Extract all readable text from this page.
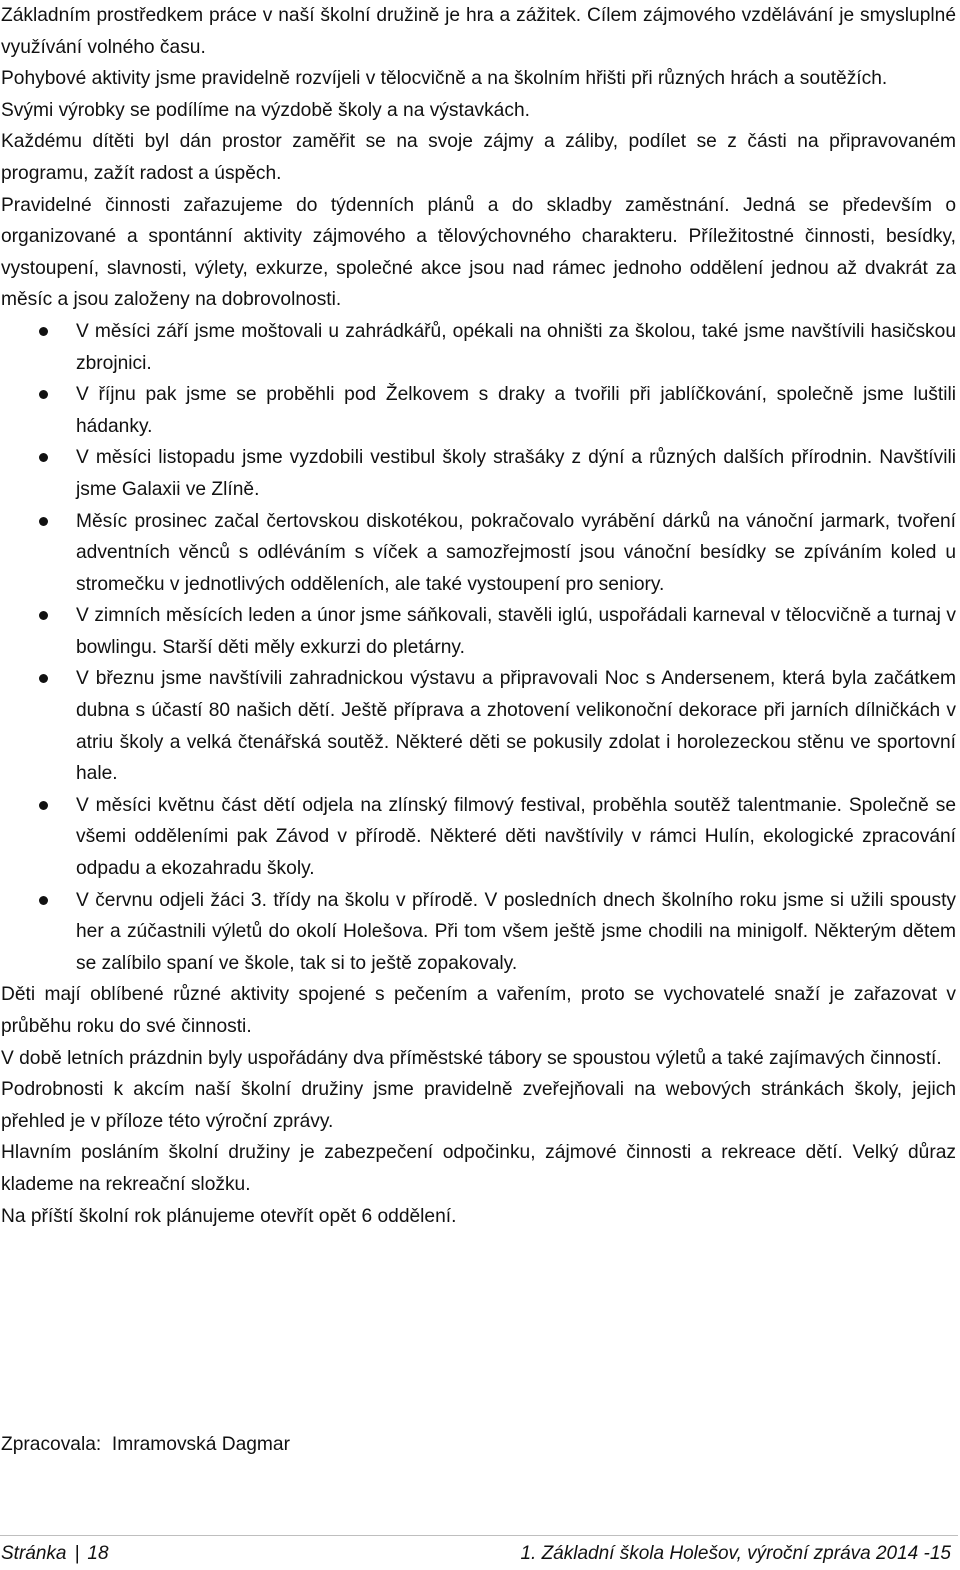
Základním prostředkem práce v naší školní družině je hra a zážitek. Cílem zájmového vzdělávání je smysluplné využívání volného času.

Pohybové aktivity jsme pravidelně rozvíjeli v tělocvičně a na školním hřišti při různých hrách a soutěžích.

Svými výrobky se podílíme na výzdobě školy a na výstavkách.

Každému dítěti byl dán prostor zaměřit se na svoje zájmy a záliby, podílet se z části na připravovaném programu, zažít radost a úspěch.

Pravidelné činnosti zařazujeme do týdenních plánů a do skladby zaměstnání. Jedná se především o organizované a spontánní aktivity zájmového a tělovýchovného charakteru. Příležitostné činnosti, besídky, vystoupení, slavnosti, výlety, exkurze, společné akce jsou nad rámec jednoho oddělení jednou až dvakrát za měsíc a jsou založeny na dobrovolnosti.

V měsíci září jsme moštovali u zahrádkářů, opékali na ohništi za školou, také jsme navštívili hasičskou zbrojnici.
V říjnu pak jsme se proběhli pod Želkovem s draky a tvořili při jablíčkování, společně jsme luštili hádanky.
V měsíci listopadu jsme vyzdobili vestibul školy strašáky z dýní a různých dalších přírodnin. Navštívili jsme Galaxii ve Zlíně.
Měsíc prosinec začal čertovskou diskotékou, pokračovalo vyrábění dárků na vánoční jarmark, tvoření adventních věnců s odléváním s víček a samozřejmostí jsou vánoční besídky se zpíváním koled u stromečku v jednotlivých odděleních, ale také vystoupení pro seniory.
V zimních měsících leden a únor jsme sáňkovali, stavěli iglú, uspořádali karneval v tělocvičně a turnaj v bowlingu. Starší děti měly exkurzi do pletárny.
V březnu jsme navštívili zahradnickou výstavu a připravovali Noc s Andersenem, která byla začátkem dubna s účastí 80 našich dětí. Ještě příprava a zhotovení velikonoční dekorace při jarních dílničkách v atriu školy a velká čtenářská soutěž. Některé děti se pokusily zdolat i horolezeckou stěnu ve sportovní hale.
V měsíci květnu část dětí odjela na zlínský filmový festival, proběhla soutěž talentmanie. Společně se všemi odděleními pak Závod v přírodě. Některé děti navštívily v rámci Hulín, ekologické zpracování odpadu a ekozahradu školy.
V červnu odjeli žáci 3. třídy na školu v přírodě. V posledních dnech školního roku jsme si užili spousty her a zúčastnili výletů do okolí Holešova. Při tom všem ještě jsme chodili na minigolf. Některým dětem se zalíbilo spaní ve škole, tak si to ještě zopakovaly.

Děti mají oblíbené různé aktivity spojené s pečením a vařením, proto se vychovatelé snaží je zařazovat v průběhu roku do své činnosti.

V době letních prázdnin byly uspořádány dva příměstské tábory se spoustou výletů a také zajímavých činností.

Podrobnosti k akcím naší školní družiny jsme pravidelně zveřejňovali na webových stránkách školy, jejich přehled je v příloze této výroční zprávy.

Hlavním posláním školní družiny je zabezpečení odpočinku, zájmové činnosti a rekreace dětí. Velký důraz klademe na rekreační složku.

Na příští školní rok plánujeme otevřít opět 6 oddělení.

Zpracovala:  Imramovská Dagmar
Stránka | 18	1. Základní škola Holešov, výroční zpráva 2014 -15
